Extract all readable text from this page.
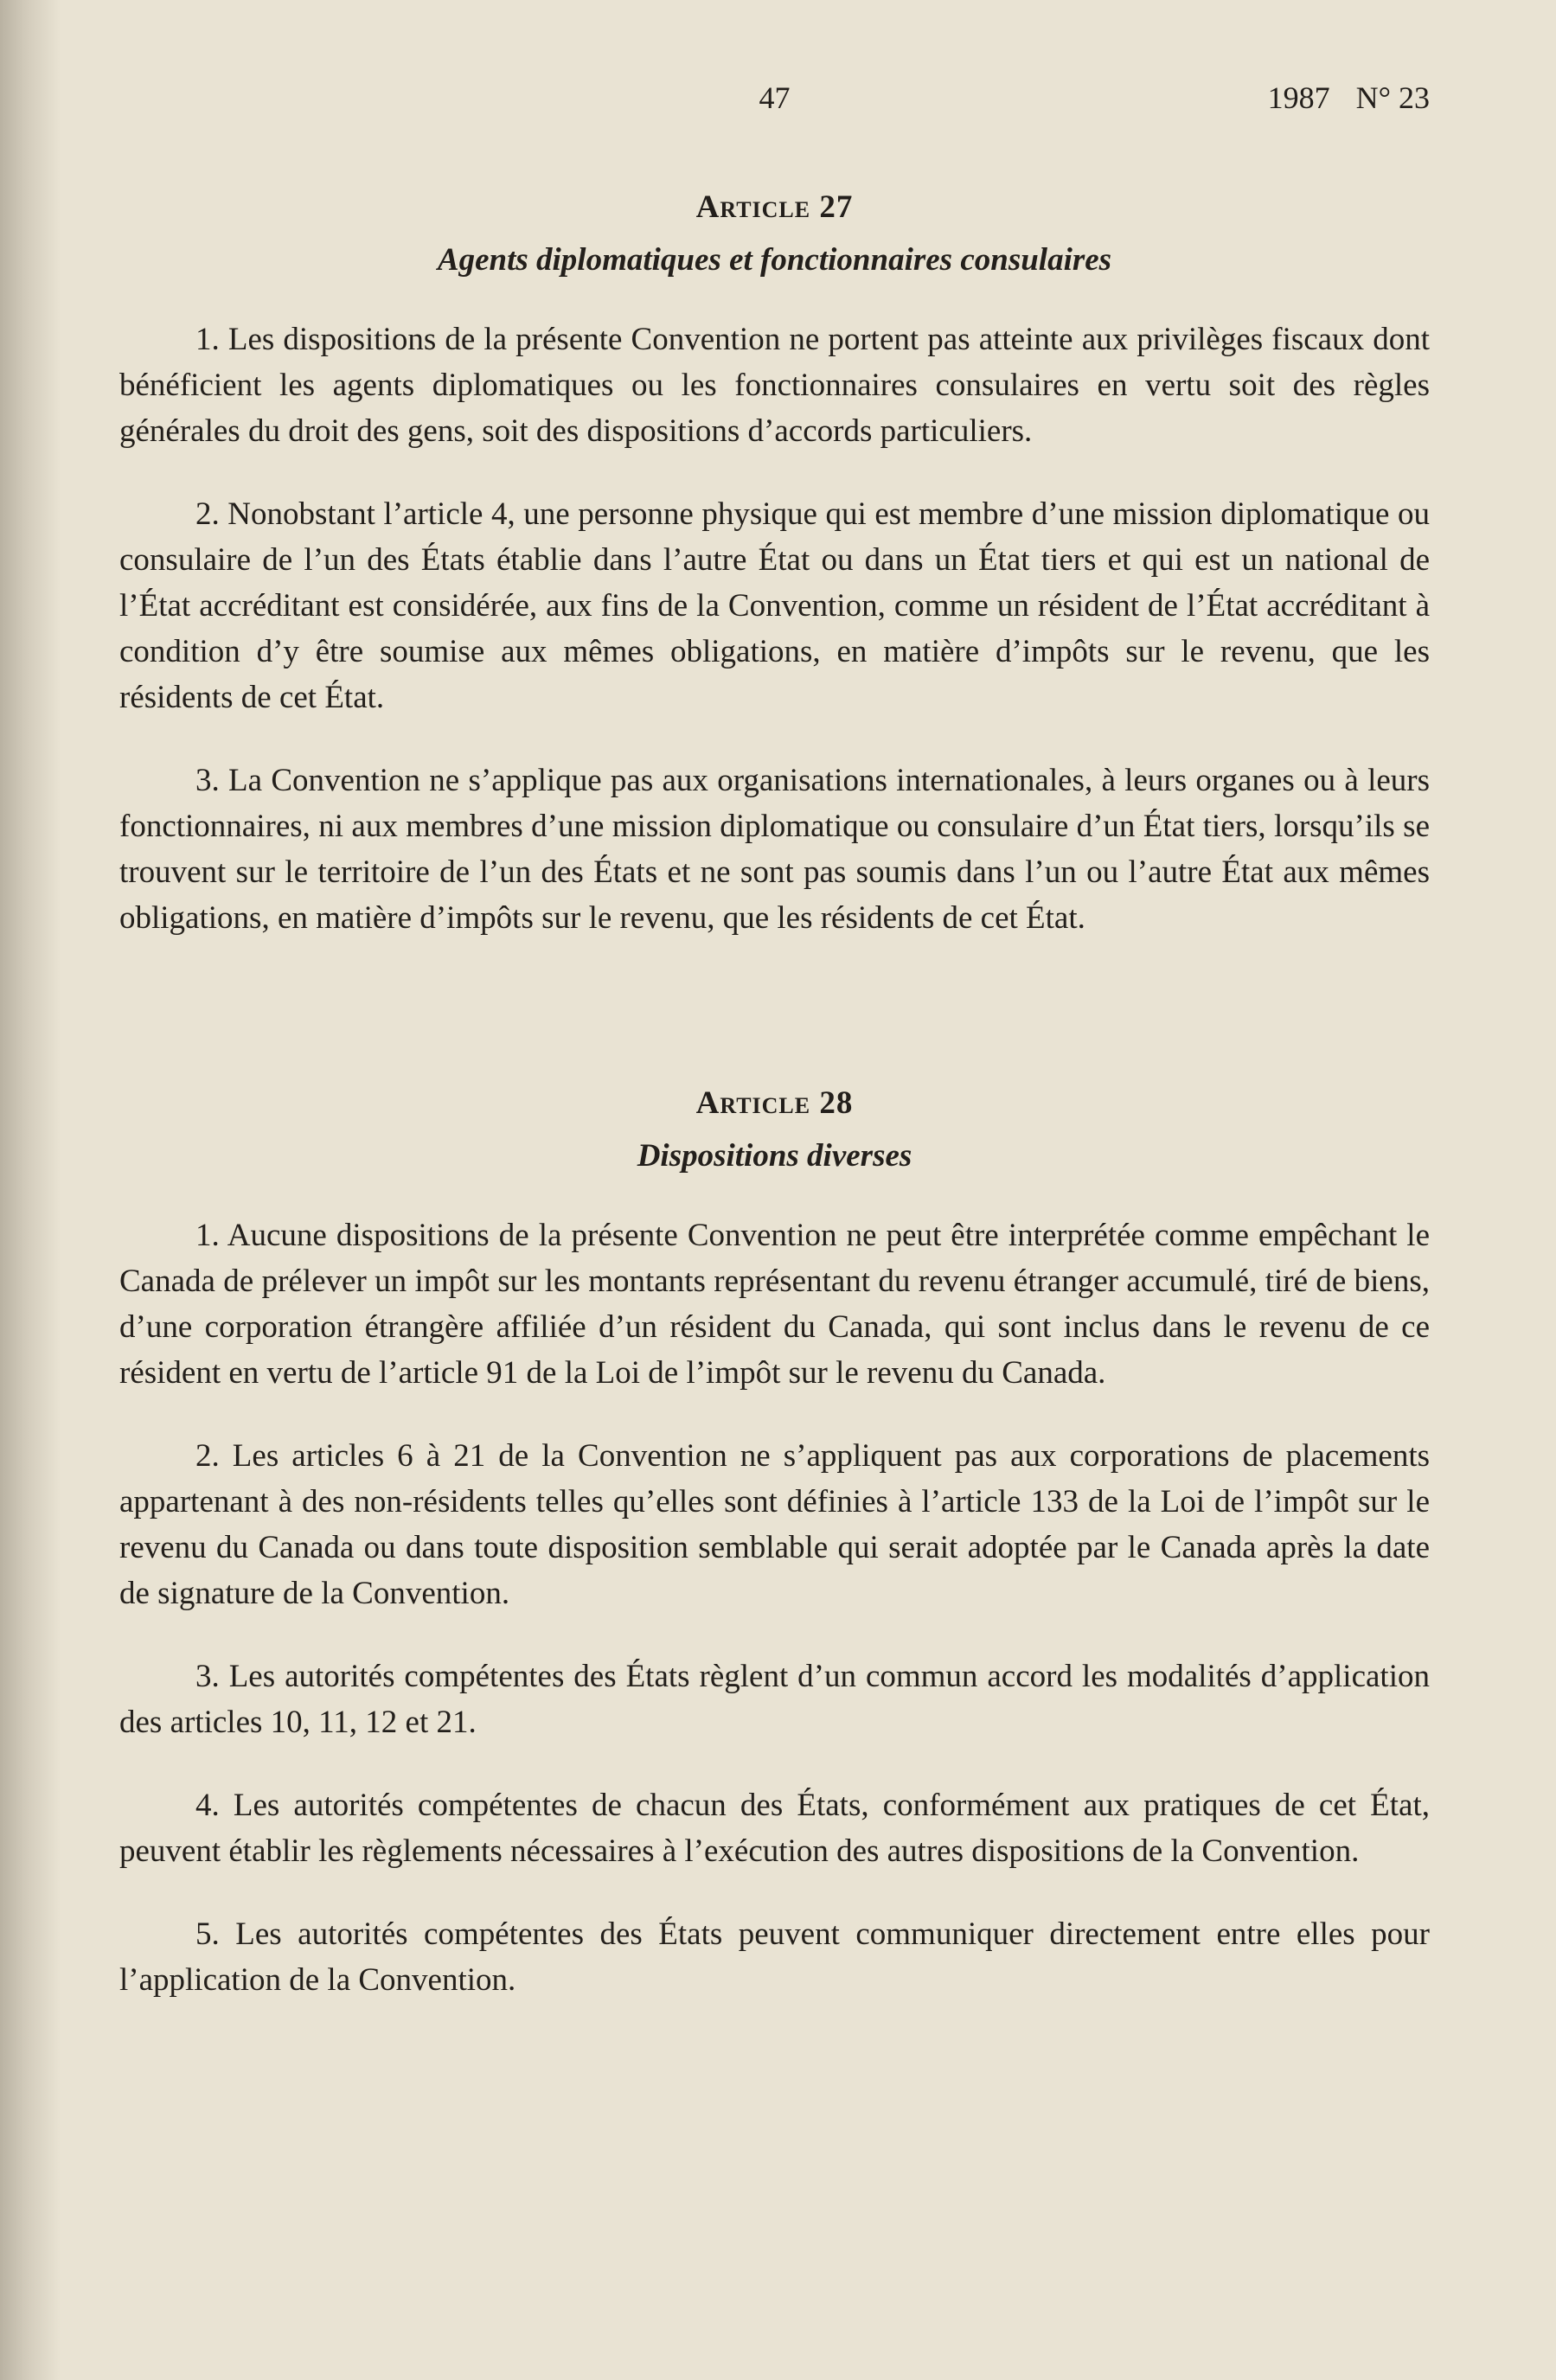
47	1987 N° 23
Article 27
Agents diplomatiques et fonctionnaires consulaires

1. Les dispositions de la présente Convention ne portent pas atteinte aux privilèges fiscaux dont bénéficient les agents diplomatiques ou les fonctionnaires consulaires en vertu soit des règles générales du droit des gens, soit des dispositions d’accords particuliers.

2. Nonobstant l’article 4, une personne physique qui est membre d’une mission diplomatique ou consulaire de l’un des États établie dans l’autre État ou dans un État tiers et qui est un national de l’État accréditant est considérée, aux fins de la Convention, comme un résident de l’État accréditant à condition d’y être soumise aux mêmes obligations, en matière d’impôts sur le revenu, que les résidents de cet État.

3. La Convention ne s’applique pas aux organisations internationales, à leurs organes ou à leurs fonctionnaires, ni aux membres d’une mission diplomatique ou consulaire d’un État tiers, lorsqu’ils se trouvent sur le territoire de l’un des États et ne sont pas soumis dans l’un ou l’autre État aux mêmes obligations, en matière d’impôts sur le revenu, que les résidents de cet État.

Article 28
Dispositions diverses

1. Aucune dispositions de la présente Convention ne peut être interprétée comme empêchant le Canada de prélever un impôt sur les montants représentant du revenu étranger accumulé, tiré de biens, d’une corporation étrangère affiliée d’un résident du Canada, qui sont inclus dans le revenu de ce résident en vertu de l’article 91 de la Loi de l’impôt sur le revenu du Canada.

2. Les articles 6 à 21 de la Convention ne s’appliquent pas aux corporations de placements appartenant à des non-résidents telles qu’elles sont définies à l’article 133 de la Loi de l’impôt sur le revenu du Canada ou dans toute disposition semblable qui serait adoptée par le Canada après la date de signature de la Convention.

3. Les autorités compétentes des États règlent d’un commun accord les modalités d’application des articles 10, 11, 12 et 21.

4. Les autorités compétentes de chacun des États, conformément aux pratiques de cet État, peuvent établir les règlements nécessaires à l’exécution des autres dispositions de la Convention.

5. Les autorités compétentes des États peuvent communiquer directement entre elles pour l’application de la Convention.
